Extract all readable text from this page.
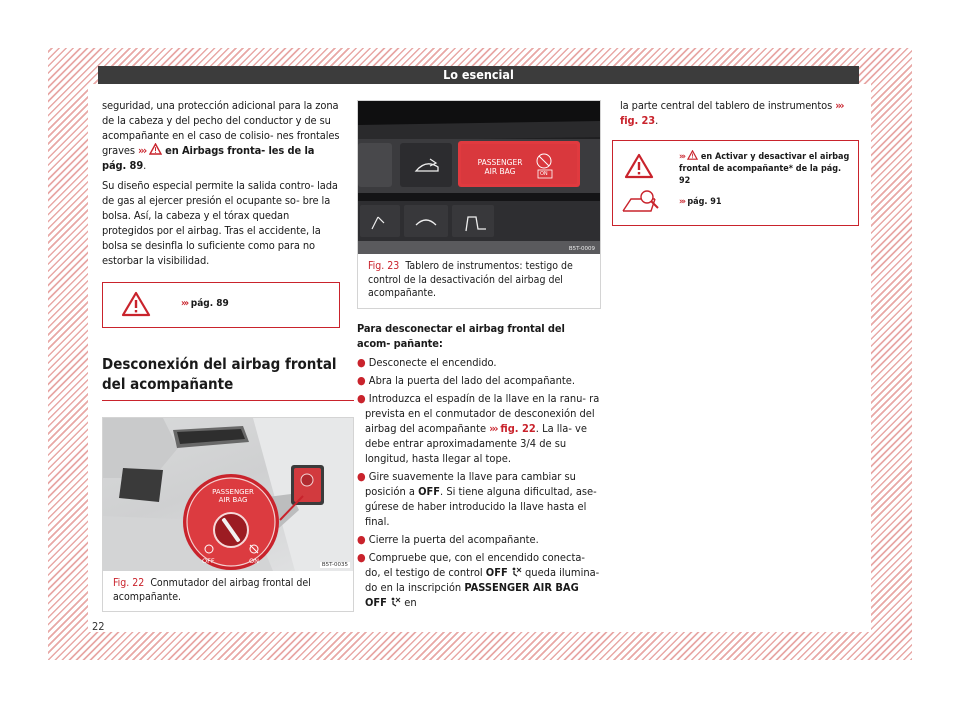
Lo esencial

seguridad, una protección adicional para la zona de la cabeza y del pecho del conductor y de su acompañante en el caso de colisio- nes frontales graves ›››  en Airbags fronta- les de la pág. 89.

Su diseño especial permite la salida contro- lada de gas al ejercer presión el ocupante so- bre la bolsa. Así, la cabeza y el tórax quedan protegidos por el airbag. Tras el accidente, la bolsa se desinfla lo suficiente como para no estorbar la visibilidad.

››› pág. 89
Desconexión del airbag frontal del acompañante
PASSENGER AIR BAG
OFF	ON	B5T-0035
Fig. 22 Conmutador del airbag frontal del acompañante.
PASSENGER AIR BAG	ON
B5T-0009
Fig. 23 Tablero de instrumentos: testigo de control de la desactivación del airbag del acompañante.

Para desconectar el airbag frontal del acom- pañante:

● Desconecte el encendido.

● Abra la puerta del lado del acompañante.

● Introduzca el espadín de la llave en la ranu- ra prevista en el conmutador de desconexión del airbag del acompañante ››› fig. 22. La lla- ve debe entrar aproximadamente 3/4 de su longitud, hasta llegar al tope.

● Gire suavemente la llave para cambiar su posición a OFF. Si tiene alguna dificultad, ase- gúrese de haber introducido la llave hasta el final.

● Cierre la puerta del acompañante.

● Compruebe que, con el encendido conecta- do, el testigo de control OFF  queda ilumina- do en la inscripción PASSENGER AIR BAG OFF  en

la parte central del tablero de instrumentos ››› fig. 23.

›››  en Activar y desactivar el airbag frontal de acompañante* de la pág. 92
››› pág. 91
22
